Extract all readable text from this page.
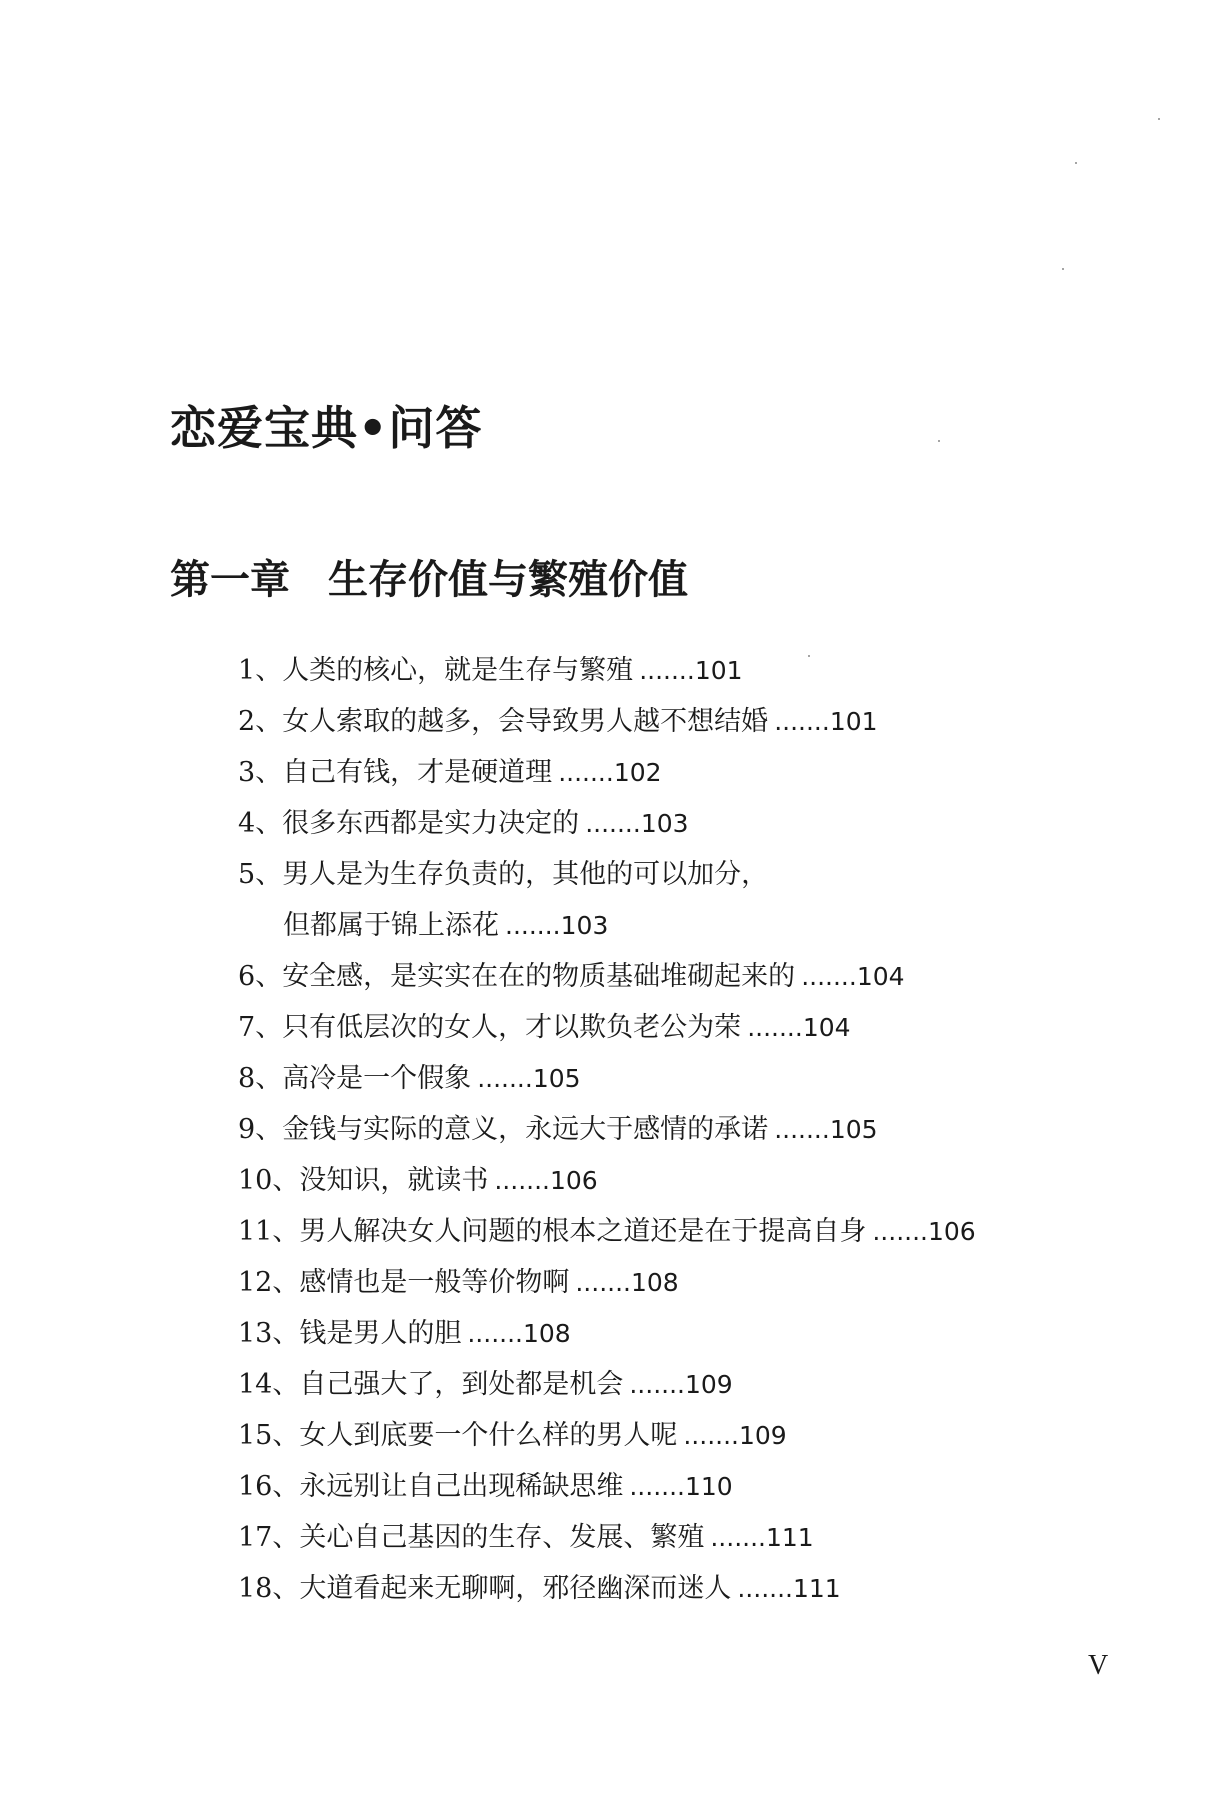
恋爱宝典•问答
第一章 生存价值与繁殖价值
1、人类的核心，就是生存与繁殖 .......101
2、女人索取的越多，会导致男人越不想结婚 .......101
3、自己有钱，才是硬道理 .......102
4、很多东西都是实力决定的 .......103
5、男人是为生存负责的，其他的可以加分，
但都属于锦上添花 .......103
6、安全感，是实实在在的物质基础堆砌起来的 .......104
7、只有低层次的女人，才以欺负老公为荣 .......104
8、高冷是一个假象 .......105
9、金钱与实际的意义，永远大于感情的承诺 .......105
10、没知识，就读书 .......106
11、男人解决女人问题的根本之道还是在于提高自身 .......106
12、感情也是一般等价物啊 .......108
13、钱是男人的胆 .......108
14、自己强大了，到处都是机会 .......109
15、女人到底要一个什么样的男人呢 .......109
16、永远别让自己出现稀缺思维 .......110
17、关心自己基因的生存、发展、繁殖 .......111
18、大道看起来无聊啊，邪径幽深而迷人 .......111
V
